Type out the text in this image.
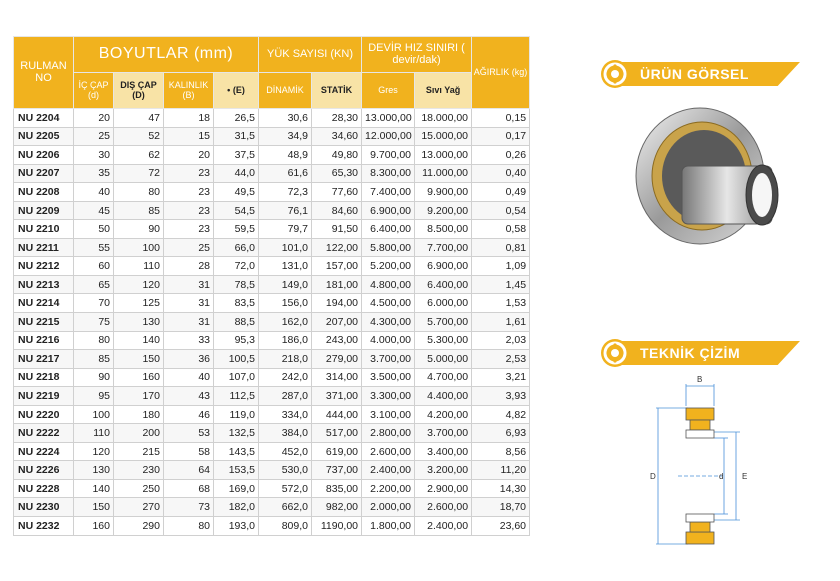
RULMAN NO	BOYUTLAR (mm)				YÜK SAYISI (KN)		DEVİR HIZ SINIRI ( devir/dak)		AĞIRLIK (kg)
	İÇ ÇAP (d)	DIŞ ÇAP (D)	KALINLIK (B)	• (E)	DİNAMİK	STATİK	Gres	Sıvı Yağ	
NU 2204	20	47	18	26,5	30,6	28,30	13.000,00	18.000,00	0,15
NU 2205	25	52	15	31,5	34,9	34,60	12.000,00	15.000,00	0,17
NU 2206	30	62	20	37,5	48,9	49,80	9.700,00	13.000,00	0,26
NU 2207	35	72	23	44,0	61,6	65,30	8.300,00	11.000,00	0,40
NU 2208	40	80	23	49,5	72,3	77,60	7.400,00	9.900,00	0,49
NU 2209	45	85	23	54,5	76,1	84,60	6.900,00	9.200,00	0,54
NU 2210	50	90	23	59,5	79,7	91,50	6.400,00	8.500,00	0,58
NU 2211	55	100	25	66,0	101,0	122,00	5.800,00	7.700,00	0,81
NU 2212	60	110	28	72,0	131,0	157,00	5.200,00	6.900,00	1,09
NU 2213	65	120	31	78,5	149,0	181,00	4.800,00	6.400,00	1,45
NU 2214	70	125	31	83,5	156,0	194,00	4.500,00	6.000,00	1,53
NU 2215	75	130	31	88,5	162,0	207,00	4.300,00	5.700,00	1,61
NU 2216	80	140	33	95,3	186,0	243,00	4.000,00	5.300,00	2,03
NU 2217	85	150	36	100,5	218,0	279,00	3.700,00	5.000,00	2,53
NU 2218	90	160	40	107,0	242,0	314,00	3.500,00	4.700,00	3,21
NU 2219	95	170	43	112,5	287,0	371,00	3.300,00	4.400,00	3,93
NU 2220	100	180	46	119,0	334,0	444,00	3.100,00	4.200,00	4,82
NU 2222	110	200	53	132,5	384,0	517,00	2.800,00	3.700,00	6,93
NU 2224	120	215	58	143,5	452,0	619,00	2.600,00	3.400,00	8,56
NU 2226	130	230	64	153,5	530,0	737,00	2.400,00	3.200,00	11,20
NU 2228	140	250	68	169,0	572,0	835,00	2.200,00	2.900,00	14,30
NU 2230	150	270	73	182,0	662,0	982,00	2.000,00	2.600,00	18,70
NU 2232	160	290	80	193,0	809,0	1190,00	1.800,00	2.400,00	23,60
ÜRÜN GÖRSEL
TEKNİK ÇİZİM
B
D	d E
